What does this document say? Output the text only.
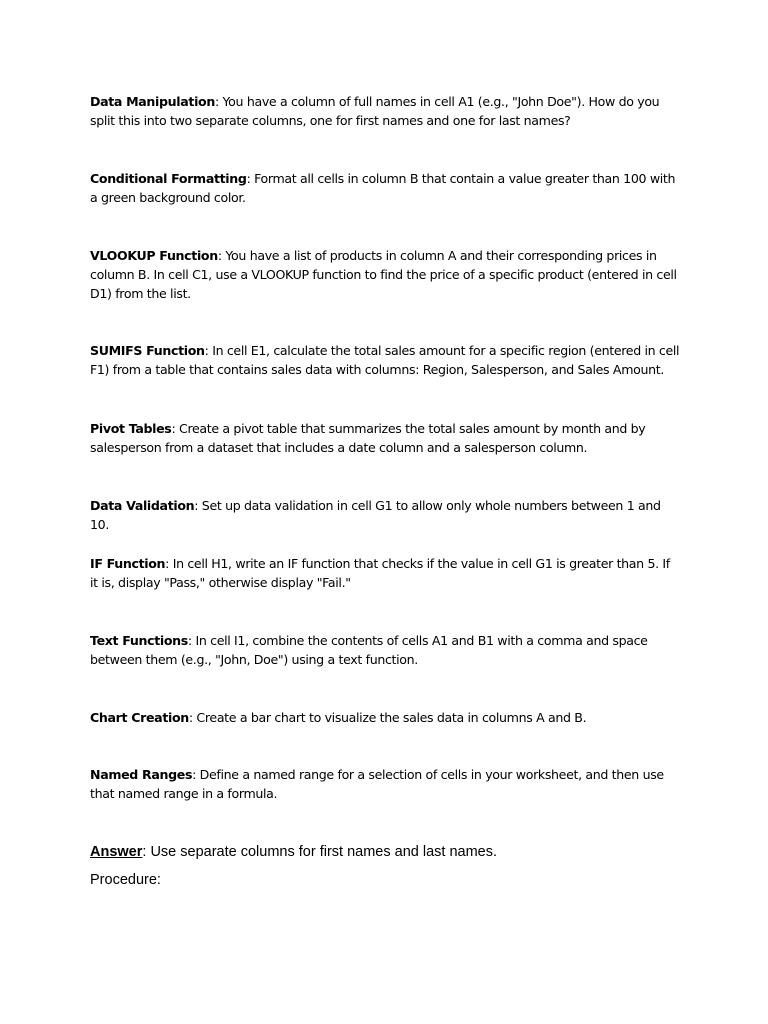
Data Manipulation: You have a column of full names in cell A1 (e.g., "John Doe"). How do you split this into two separate columns, one for first names and one for last names?

Conditional Formatting: Format all cells in column B that contain a value greater than 100 with a green background color.

VLOOKUP Function: You have a list of products in column A and their corresponding prices in column B. In cell C1, use a VLOOKUP function to find the price of a specific product (entered in cell D1) from the list.

SUMIFS Function: In cell E1, calculate the total sales amount for a specific region (entered in cell F1) from a table that contains sales data with columns: Region, Salesperson, and Sales Amount.

Pivot Tables: Create a pivot table that summarizes the total sales amount by month and by salesperson from a dataset that includes a date column and a salesperson column.

Data Validation: Set up data validation in cell G1 to allow only whole numbers between 1 and 10.

IF Function: In cell H1, write an IF function that checks if the value in cell G1 is greater than 5. If it is, display "Pass," otherwise display "Fail."

Text Functions: In cell I1, combine the contents of cells A1 and B1 with a comma and space between them (e.g., "John, Doe") using a text function.

Chart Creation: Create a bar chart to visualize the sales data in columns A and B.

Named Ranges: Define a named range for a selection of cells in your worksheet, and then use that named range in a formula.

Answer: Use separate columns for first names and last names.

Procedure:
